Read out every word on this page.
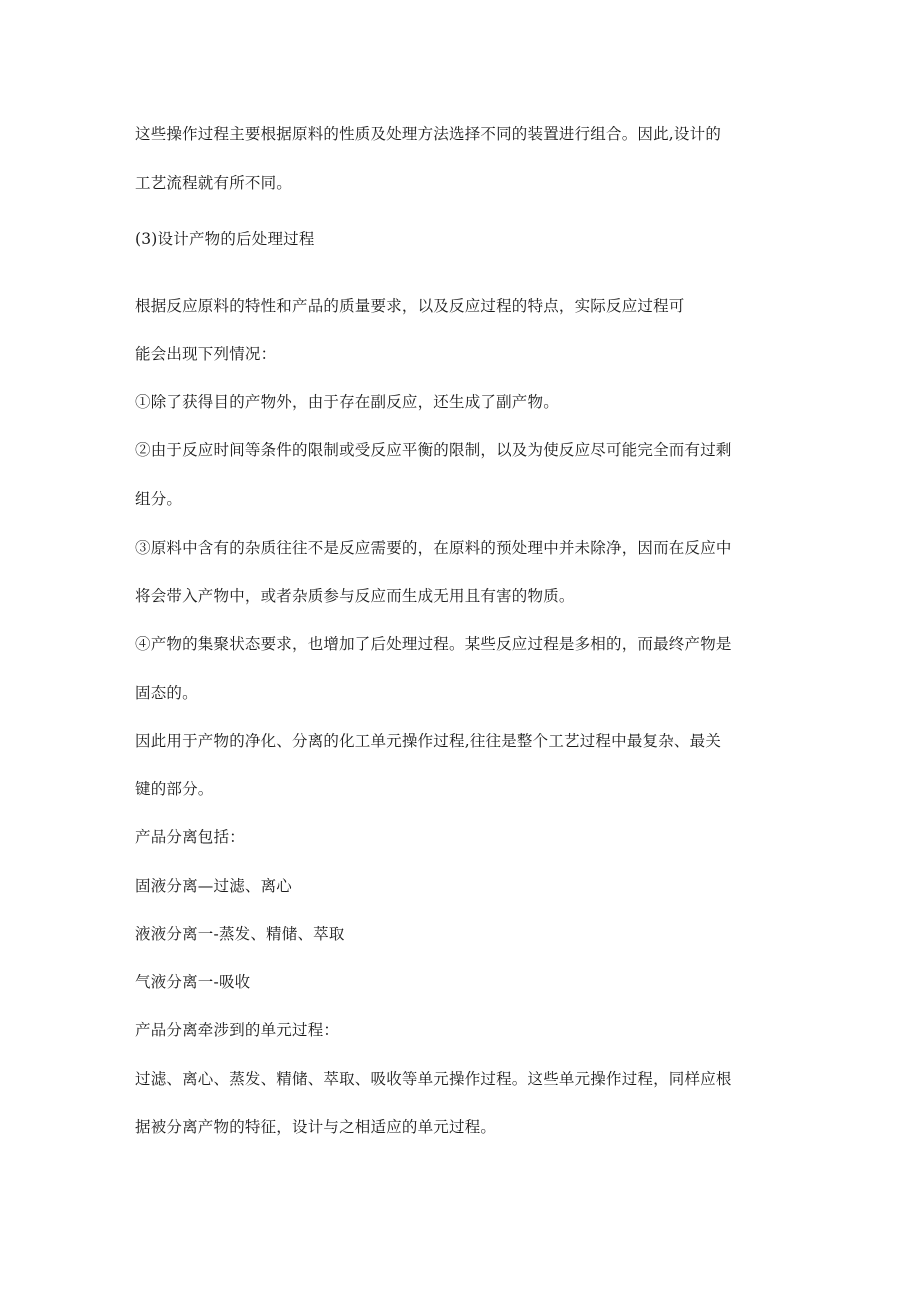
这些操作过程主要根据原料的性质及处理方法选择不同的装置进行组合。因此,设计的
工艺流程就有所不同。
(3)设计产物的后处理过程
根据反应原料的特性和产品的质量要求，以及反应过程的特点，实际反应过程可
能会出现下列情况：
①除了获得目的产物外，由于存在副反应，还生成了副产物。
②由于反应时间等条件的限制或受反应平衡的限制，以及为使反应尽可能完全而有过剩
组分。
③原料中含有的杂质往往不是反应需要的，在原料的预处理中并未除净，因而在反应中
将会带入产物中，或者杂质参与反应而生成无用且有害的物质。
④产物的集聚状态要求，也增加了后处理过程。某些反应过程是多相的，而最终产物是
固态的。
因此用于产物的净化、分离的化工单元操作过程,往往是整个工艺过程中最复杂、最关
键的部分。
产品分离包括：
固液分离—过滤、离心
液液分离一-蒸发、精储、萃取
气液分离一-吸收
产品分离牵涉到的单元过程：
过滤、离心、蒸发、精储、萃取、吸收等单元操作过程。这些单元操作过程，同样应根
据被分离产物的特征，设计与之相适应的单元过程。
